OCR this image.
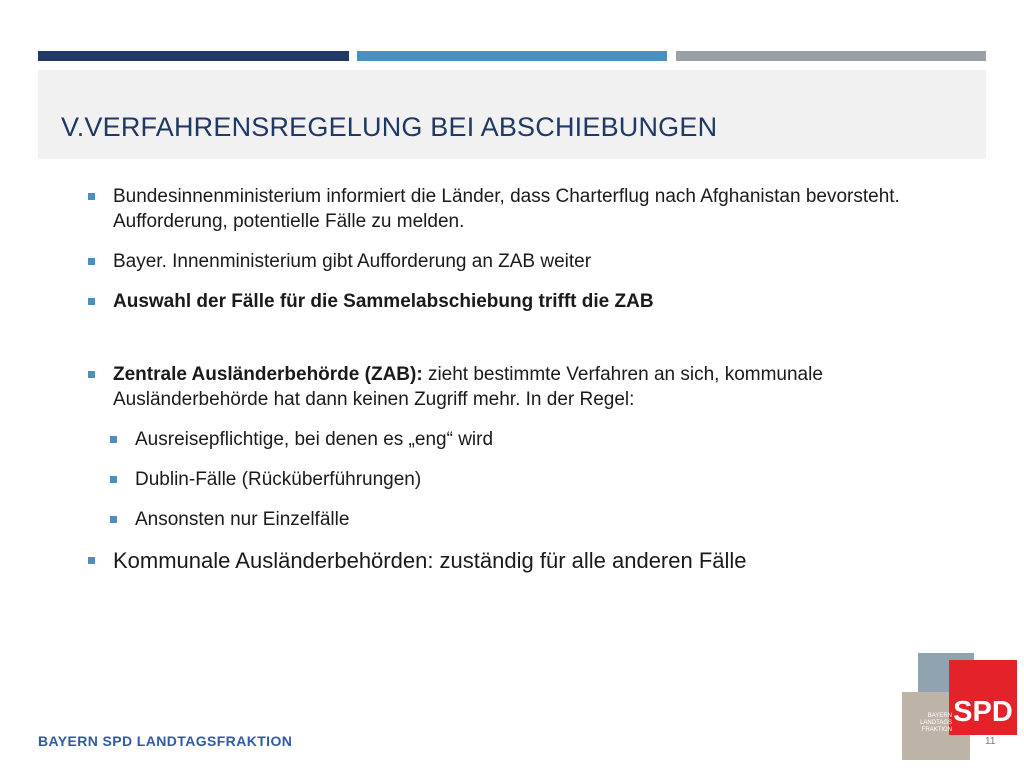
V.VERFAHRENSREGELUNG BEI ABSCHIEBUNGEN
Bundesinnenministerium informiert die Länder, dass Charterflug nach Afghanistan bevorsteht. Aufforderung, potentielle Fälle zu melden.
Bayer. Innenministerium gibt Aufforderung an ZAB weiter
Auswahl der Fälle für die Sammelabschiebung trifft die ZAB
Zentrale Ausländerbehörde (ZAB): zieht bestimmte Verfahren an sich, kommunale Ausländerbehörde hat dann keinen Zugriff mehr. In der Regel:
Ausreisepflichtige, bei denen es „eng“ wird
Dublin-Fälle (Rücküberführungen)
Ansonsten nur Einzelfälle
Kommunale Ausländerbehörden: zuständig für alle anderen Fälle
BAYERN SPD LANDTAGSFRAKTION
SPD
BAYERN
LANDTAGS
FRAKTION
11
